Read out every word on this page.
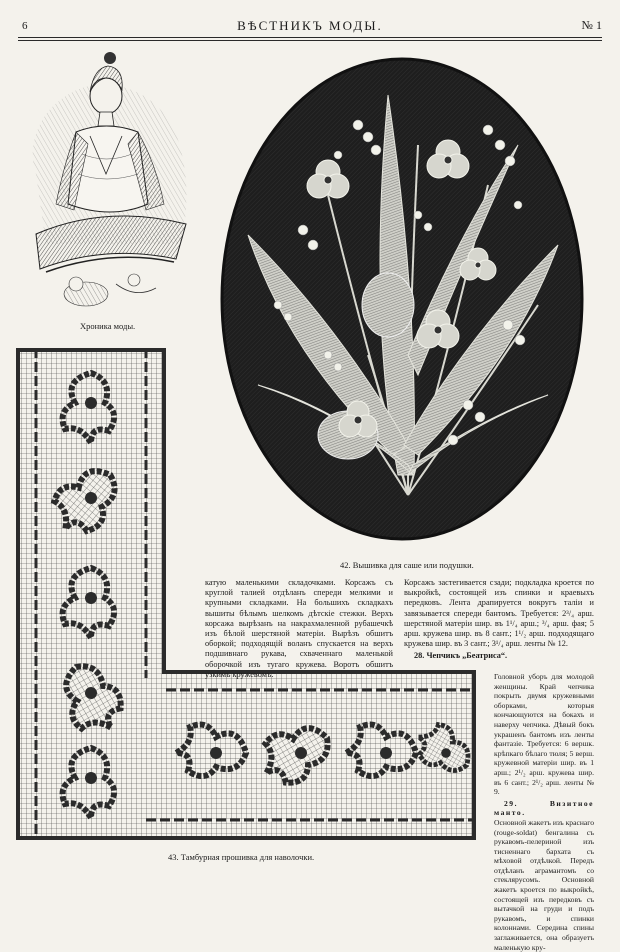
6	ВѢСТНИКЪ МОДЫ.	№ 1
Хроника моды.
42. Вышивка для саше или подушки.
43. Тамбурная прошивка для наволочки.

катую маленькими складочками. Корсажъ съ круглой талией отдѣланъ спереди мелкими и крупными складками. На большихъ складкахъ вышиты бѣлымъ шелкомъ дѣтскіе стежки. Верхъ корсажа вырѣзанъ на накрахмаленной рубашечкѣ изъ бѣлой шерстяной матеріи. Вырѣзъ обшитъ оборкой; подходящій воланъ спускается на верхъ подшивнаго рукава, схваченнаго маленькой оборочкой изъ тугаго кружева. Воротъ обшитъ узкимъ кружевомъ.

Корсажъ застегивается сзади; подкладка кроется по выкройкѣ, состоящей изъ спинки и краевыхъ передковъ. Лента драпируется вокругъ таліи и завязывается спереди бантомъ. Требуется: 2³/₄ арш. шерстяной матеріи шир. въ 1¹/₄ арш.; ³/₄ арш. фая; 5 арш. кружева шир. въ 8 сант.; 1¹/₂ арш. подходящаго кружева шир. въ 3 сант.; 3¹/₄ арш. ленты № 12.

28. Чепчикъ „Беатриса“.

Головной уборъ для молодой женщины. Край чепчика покрыть двумя кружевными оборками, которыя кончающуются на бокахъ и наверху чепчика. Дѣвый бокъ украшенъ бантомъ изъ ленты фантазіе. Требуется: 6 вершк. крѣпкаго бѣлаго тюля; 5 верш. кружевной матеріи шир. въ 1 арш.; 2¹/₂ арш. кружева шир. въ 6 сант.; 2¹/₂ арш. ленты № 9.

29. Визитное манто.

Основной жакетъ изъ краснаго (rouge-soldat) бенгалина съ рукавомъ-пелериной изъ тисненнаго бархата съ мѣховой отдѣлкой. Передъ отдѣланъ аграмантомъ со стеклярусомъ. Основной жакетъ кроется по выкройкѣ, состоящей изъ передковъ съ вытачкой на груди и подъ рукавомъ, и спинки колоннами. Середина спины заглаживается, она образуетъ маленькую кру-
